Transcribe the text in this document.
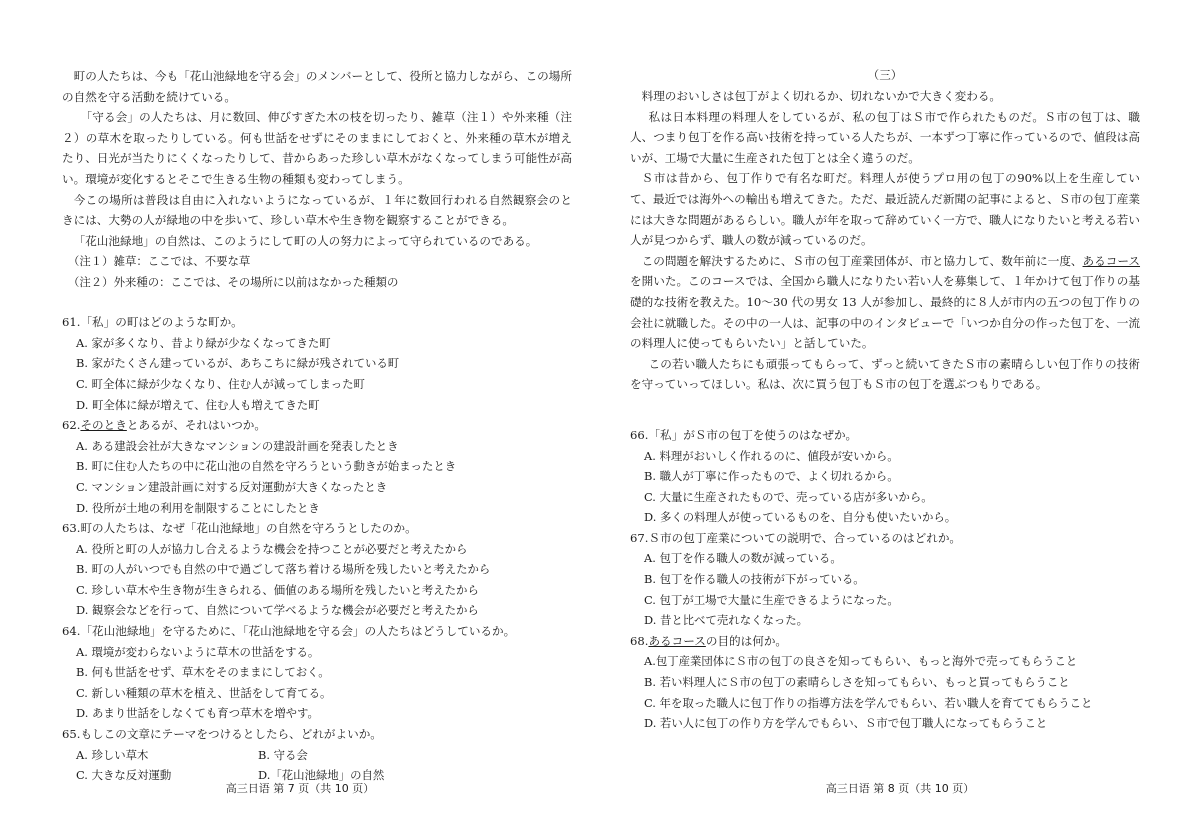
町の人たちは、今も「花山池緑地を守る会」のメンバーとして、役所と協力しながら、この場所の自然を守る活動を続けている。

「守る会」の人たちは、月に数回、伸びすぎた木の枝を切ったり、雑草（注１）や外来種（注２）の草木を取ったりしている。何も世話をせずにそのままにしておくと、外来種の草木が増えたり、日光が当たりにくくなったりして、昔からあった珍しい草木がなくなってしまう可能性が高い。環境が変化するとそこで生きる生物の種類も変わってしまう。

今この場所は普段は自由に入れないようになっているが、１年に数回行われる自然観察会のときには、大勢の人が緑地の中を歩いて、珍しい草木や生き物を観察することができる。

「花山池緑地」の自然は、このようにして町の人の努力によって守られているのである。

（注１）雑草：ここでは、不要な草

（注２）外来種の：ここでは、その場所に以前はなかった種類の

61.「私」の町はどのような町か。

A. 家が多くなり、昔より緑が少なくなってきた町

B. 家がたくさん建っているが、あちこちに緑が残されている町

C. 町全体に緑が少なくなり、住む人が減ってしまった町

D. 町全体に緑が増えて、住む人も増えてきた町

62.そのときとあるが、それはいつか。

A. ある建設会社が大きなマンションの建設計画を発表したとき

B. 町に住む人たちの中に花山池の自然を守ろうという動きが始まったとき

C. マンション建設計画に対する反対運動が大きくなったとき

D. 役所が土地の利用を制限することにしたとき

63.町の人たちは、なぜ「花山池緑地」の自然を守ろうとしたのか。

A. 役所と町の人が協力し合えるような機会を持つことが必要だと考えたから

B. 町の人がいつでも自然の中で過ごして落ち着ける場所を残したいと考えたから

C. 珍しい草木や生き物が生きられる、価値のある場所を残したいと考えたから

D. 観察会などを行って、自然について学べるような機会が必要だと考えたから

64.「花山池緑地」を守るために、「花山池緑地を守る会」の人たちはどうしているか。

A. 環境が変わらないように草木の世話をする。

B. 何も世話をせず、草木をそのままにしておく。

C. 新しい種類の草木を植え、世話をして育てる。

D. あまり世話をしなくても育つ草木を増やす。

65.もしこの文章にテーマをつけるとしたら、どれがよいか。

A. 珍しい草木	B. 守る会
C. 大きな反対運動	D.「花山池緑地」の自然
高三日语 第 7 页（共 10 页）	高三日语 第 8 页（共 10 页）

（三）

料理のおいしさは包丁がよく切れるか、切れないかで大きく変わる。

私は日本料理の料理人をしているが、私の包丁はＳ市で作られたものだ。Ｓ市の包丁は、職人、つまり包丁を作る高い技術を持っている人たちが、一本ずつ丁寧に作っているので、値段は高いが、工場で大量に生産された包丁とは全く違うのだ。

Ｓ市は昔から、包丁作りで有名な町だ。料理人が使うプロ用の包丁の90%以上を生産していて、最近では海外への輸出も増えてきた。ただ、最近読んだ新聞の記事によると、Ｓ市の包丁産業には大きな問題があるらしい。職人が年を取って辞めていく一方で、職人になりたいと考える若い人が見つからず、職人の数が減っているのだ。

この問題を解決するために、Ｓ市の包丁産業団体が、市と協力して、数年前に一度、あるコースを開いた。このコースでは、全国から職人になりたい若い人を募集して、１年かけて包丁作りの基礎的な技術を教えた。10～30 代の男女 13 人が参加し、最終的に８人が市内の五つの包丁作りの会社に就職した。その中の一人は、記事の中のインタビューで「いつか自分の作った包丁を、一流の料理人に使ってもらいたい」と話していた。

この若い職人たちにも頑張ってもらって、ずっと続いてきたＳ市の素晴らしい包丁作りの技術を守っていってほしい。私は、次に買う包丁もＳ市の包丁を選ぶつもりである。

66.「私」がＳ市の包丁を使うのはなぜか。

A. 料理がおいしく作れるのに、値段が安いから。

B. 職人が丁寧に作ったもので、よく切れるから。

C. 大量に生産されたもので、売っている店が多いから。

D. 多くの料理人が使っているものを、自分も使いたいから。

67.Ｓ市の包丁産業についての説明で、合っているのはどれか。

A. 包丁を作る職人の数が減っている。

B. 包丁を作る職人の技術が下がっている。

C. 包丁が工場で大量に生産できるようになった。

D. 昔と比べて売れなくなった。

68.あるコースの目的は何か。

A.包丁産業団体にＳ市の包丁の良さを知ってもらい、もっと海外で売ってもらうこと

B. 若い料理人にＳ市の包丁の素晴らしさを知ってもらい、もっと買ってもらうこと

C. 年を取った職人に包丁作りの指導方法を学んでもらい、若い職人を育ててもらうこと

D. 若い人に包丁の作り方を学んでもらい、Ｓ市で包丁職人になってもらうこと
